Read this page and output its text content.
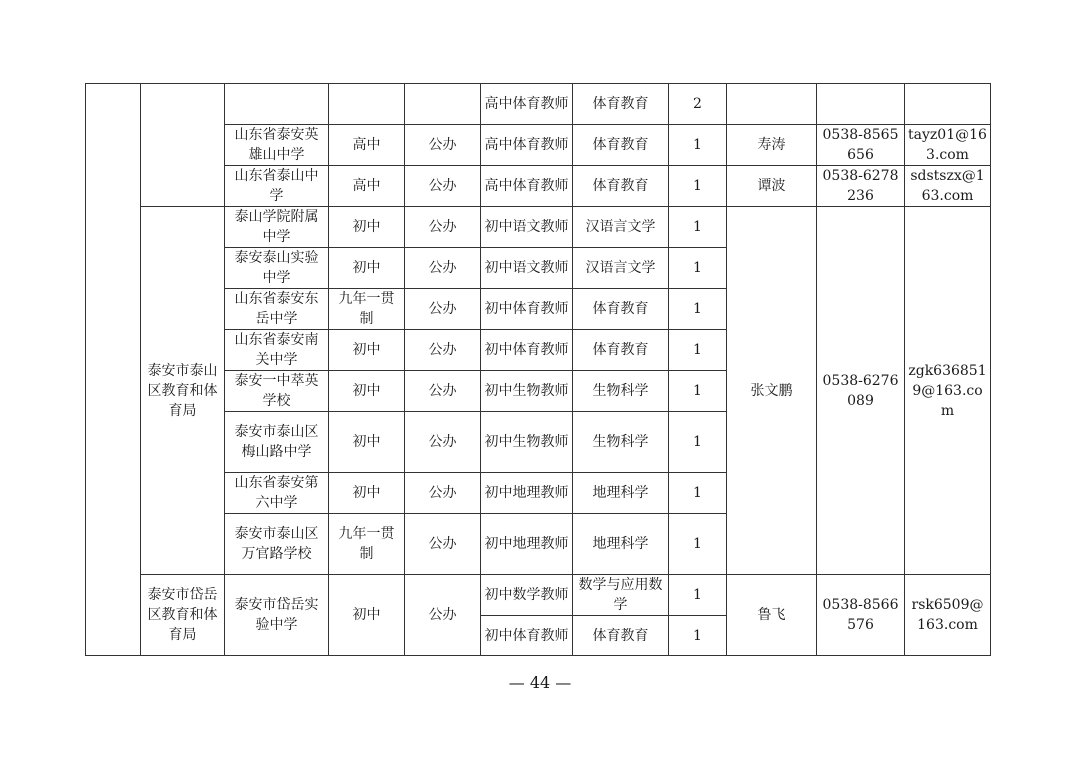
					高中体育教师	体育教育	2			
		山东省泰安英雄山中学	高中	公办	高中体育教师	体育教育	1	寿涛	0538-8565656	tayz01@163.com
		山东省泰山中学	高中	公办	高中体育教师	体育教育	1	谭波	0538-6278236	sdstszx@163.com
	泰安市泰山区教育和体育局	泰山学院附属中学	初中	公办	初中语文教师	汉语言文学	1	张文鹏	0538-6276089	zgk6368519@163.com
		泰安泰山实验中学	初中	公办	初中语文教师	汉语言文学	1			
		山东省泰安东岳中学	九年一贯制	公办	初中体育教师	体育教育	1			
		山东省泰安南关中学	初中	公办	初中体育教师	体育教育	1			
		泰安一中萃英学校	初中	公办	初中生物教师	生物科学	1			
		泰安市泰山区梅山路中学	初中	公办	初中生物教师	生物科学	1			
		山东省泰安第六中学	初中	公办	初中地理教师	地理科学	1			
		泰安市泰山区万官路学校	九年一贯制	公办	初中地理教师	地理科学	1			
	泰安市岱岳区教育和体育局	泰安市岱岳实验中学	初中	公办	初中数学教师	数学与应用数学	1	鲁飞	0538-8566576	rsk6509@163.com
					初中体育教师	体育教育	1			
— 44 —
